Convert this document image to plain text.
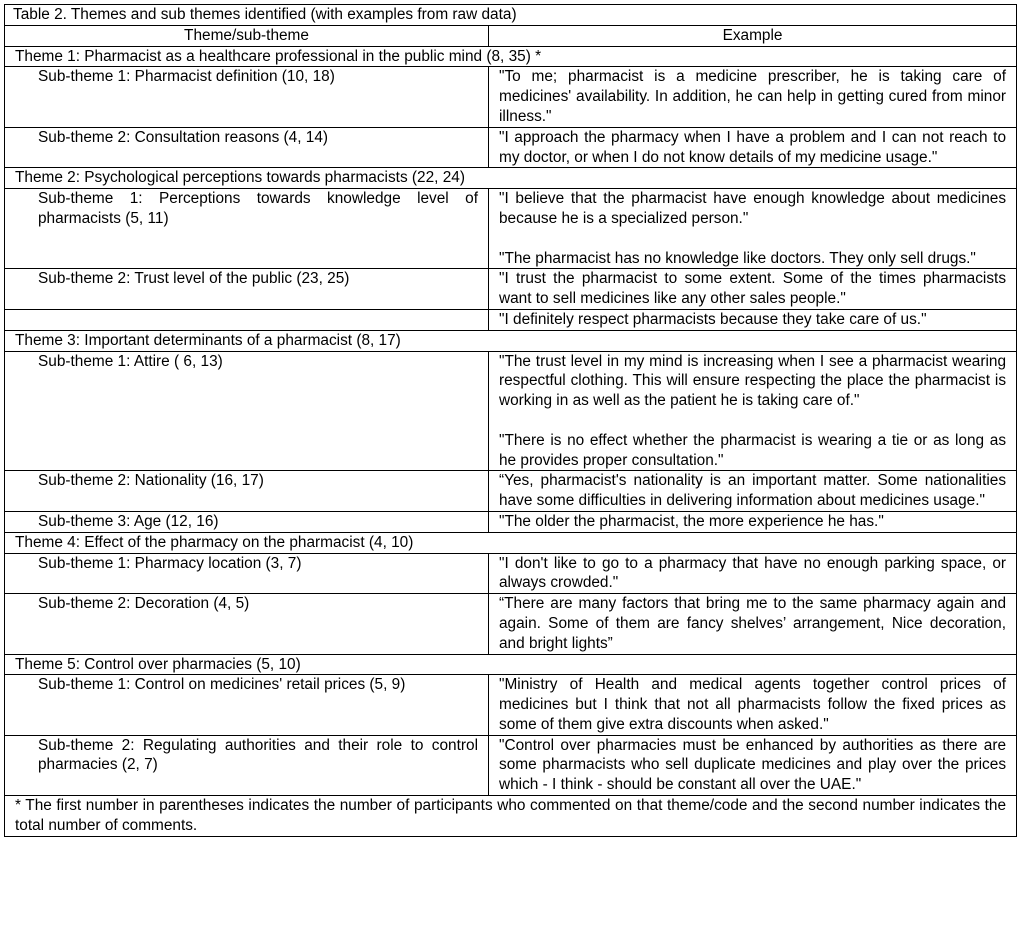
Table 2. Themes and sub themes identified (with examples from raw data)	
Theme/sub-theme	Example
Theme 1: Pharmacist as a healthcare professional in the public mind (8, 35) *	
Sub-theme 1: Pharmacist definition (10, 18)	"To me; pharmacist is a medicine prescriber, he is taking care of medicines' availability. In addition, he can help in getting cured from minor illness."

Sub-theme 2: Consultation reasons (4, 14)	"I approach the pharmacy when I have a problem and I can not reach to my doctor, or when I do not know details of my medicine usage."

Theme 2: Psychological perceptions towards pharmacists (22, 24)	
Sub-theme 1: Perceptions towards knowledge level of pharmacists (5, 11)	"I believe that the pharmacist have enough knowledge about medicines because he is a specialized person."

"The pharmacist has no knowledge like doctors. They only sell drugs."

Sub-theme 2: Trust level of the public (23, 25)	"I trust the pharmacist to some extent. Some of the times pharmacists want to sell medicines like any other sales people."

	"I definitely respect pharmacists because they take care of us."

Theme 3: Important determinants of a pharmacist (8, 17)	
Sub-theme 1: Attire ( 6, 13)	"The trust level in my mind is increasing when I see a pharmacist wearing respectful clothing. This will ensure respecting the place the pharmacist is working in as well as the patient he is taking care of."

"There is no effect whether the pharmacist is wearing a tie or as long as he provides proper consultation."

Sub-theme 2: Nationality (16, 17)	“Yes, pharmacist's nationality is an important matter. Some nationalities have some difficulties in delivering information about medicines usage."

Sub-theme 3: Age (12, 16)	"The older the pharmacist, the more experience he has."

Theme 4: Effect of the pharmacy on the pharmacist (4, 10)	
Sub-theme 1: Pharmacy location (3, 7)	"I don't like to go to a pharmacy that have no enough parking space, or always crowded."

Sub-theme 2: Decoration (4, 5)	“There are many factors that bring me to the same pharmacy again and again. Some of them are fancy shelves’ arrangement, Nice decoration, and bright lights”

Theme 5: Control over pharmacies (5, 10)	
Sub-theme 1: Control on medicines' retail prices (5, 9)	"Ministry of Health and medical agents together control prices of medicines but I think that not all pharmacists follow the fixed prices as some of them give extra discounts when asked."

Sub-theme 2: Regulating authorities and their role to control pharmacies (2, 7)	"Control over pharmacies must be enhanced by authorities as there are some pharmacists who sell duplicate medicines and play over the prices which - I think - should be constant all over the UAE."

* The first number in parentheses indicates the number of participants who commented on that theme/code and the second number indicates the total number of comments.	
